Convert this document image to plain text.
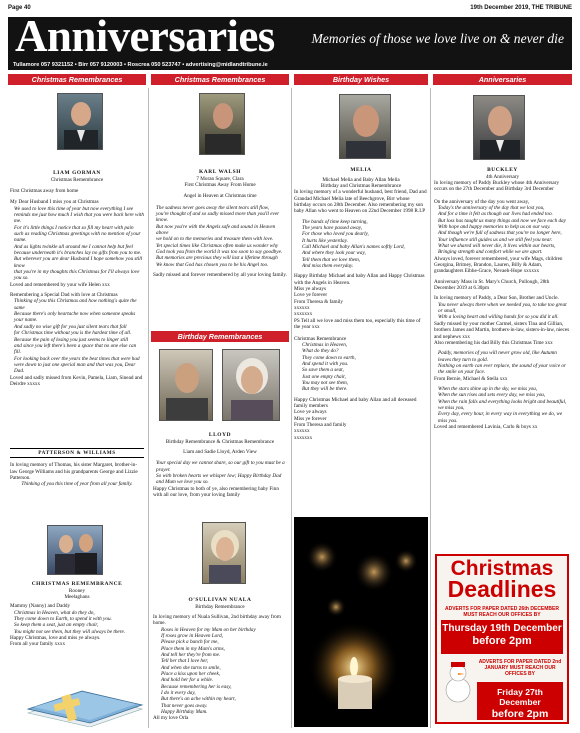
Page 40	19th December 2019, THE TRIBUNE
Anniversaries	Memories of those we love live on & never die
Tullamore 057 9321152 • Birr 057 9120003 • Roscrea 050 523747 • advertising@midlandtribune.ie
Christmas Remembrances	Christmas Remembrances	Birthday Wishes	Anniversaries
Birthday Remembrances
LIAM GORMAN
Christmas Remembrance

First Christmas away from home

My Dear Husband I miss you at Christmas

We used to love this time of year but now everything I see
reminds me just how much I wish that you were back here with me.
For it's little things I notice that so fill my heart with pain
such as reading Christmas greetings with no mention of your name.
And as lights twinkle all around me I cannot help but feel
because underneath it's branches lay no gifts from you to me.
But wherever you are dear Husband I hope somehow you still know
that you're in my thoughts this Christmas for I'll always love you so.

Loved and remembered by your wife Helen xxx

Remembering a Special Dad with love at Christmas

Thinking of you this Christmas and how nothing's quite the same
Because there's only heartache now when someone speaks your name.
And sadly no wise gift for you just silent tears that fall
for Christmas time without you is the hardest time of all.
Because the pain of losing you just seems to linger still
and since you left there's been a space that no one else can fill.
For looking back over the years the best times that were had
were down to just one special man and that was you, Dear Dad.

Loved and sadly missed from Kevin, Pamela, Liam, Sinead and Deirdre xxxxx

PATTERSON & WILLIAMS

In loving memory of Thomas, his sister Margaret, brother-in-law George Williams and his grandparents George and Lizzie Patterson.

Thinking of you this time of year from all your family.

CHRISTMAS REMEMBRANCE
Rooney
Meelaghans

Mammy (Nanny) and Daddy

Christmas in Heaven, what do they do,
They come down to Earth, to spend it with you.
So keep them a seat, just an empty chair,
You might not see them, but they will always be there.

Happy Christmas, love and miss ye always.
From all your family xxxx

KARL WALSH
7 Moran Square, Clara
First Christmas Away From Home
Angel in Heaven at Christmas time

The sadness never goes away the silent tears still flow,
you're thought of and so sadly missed more than you'll ever know.
But now you're with the Angels safe and sound in Heaven above
we hold on to the memories and treasure them with love.
Yet special times like Christmas often make us wonder why
God took you from the world it was too soon to say goodbye.
But memories are precious they will last a lifetime through
We know that God has chosen you to be his Angel too.

Sadly missed and forever remembered by all your loving family.

LLOYD
Birthday Remembrance & Christmas Remembrance
Liam and Sadie Lloyd, Arden View

Your special day we cannot share, so our gift to you must be a prayer.
So with broken hearts we whisper low; Happy Birthday Dad and Mum we love you so.

Happy Christmas to both of ye, also remembering baby Finn
with all our love, from your loving family

O'SULLIVAN NUALA
Birthday Remembrance

In loving memory of Nuala Sullivan, 2nd birthday away from home.

Roses in Heaven for my Mam on her birthday
If roses grow in Heaven Lord,
Please pick a bunch for me,
Place them in my Mam's arms,
And tell her they're from me.
Tell her that I love her,
And when she turns to smile,
Place a kiss upon her cheek,
And hold her for a while.
Because remembering her is easy,
I do it every day,
But there's an ache within my heart,
That never goes away.
Happy Birthday Mam.

All my love Orla

MELIA
Michael Melia and Baby Allan Melia
Birthday and Christmas Remembrance

In loving memory of a wonderful husband, best friend, Dad and Grandad Michael Melia late of Beechgrove, Birr whose birthday occurs on 28th December. Also remembering my son baby Allan who went to Heaven on 22nd December 1998 R.I.P

The bands of time keep turning,
The years have passed away,
For those who loved you dearly,
It hurts like yesterday.
Call Michael and baby Allan's names softly Lord,
And where they look your way,
Tell them that we love them,
And miss them everyday.

Happy Birthday Michael and baby Allan and Happy Christmas with the Angels in Heaven.

Miss ye always
Love ye forever
From Theresa & family
xxxxxx
xxxxxxx
PS Tell all we love and miss them too, especially this time of the year xxx

Christmas Remembrance

Christmas in Heaven,
What do they do?
They come down to earth,
And spend it with you.
So save them a seat,
Just one empty chair,
You may not see them,
But they will be there.

Happy Christmas Michael and baby Allan and all deceased family members

Love ye always
Miss ye forever
From Theresa and family
xxxxxx
xxxxxxx

BUCKLEY
4th Anniversary

In loving memory of Paddy Buckley whose 4th Anniversary occurs on the 27th December and Birthday 3rd December

On the anniversary of the day you went away,

Today's the anniversary of the day that we lost you,
And for a time it felt as though our lives had ended too.
But loss has taught us many things and now we face each day
With hope and happy memories to help us on our way.
And though we're full of sadness that you're no longer here,
Your influence still guides us and we still feel you near.
What we shared will never die, it lives within our hearts,
Bringing strength and comfort while we are apart.

Always loved, forever remembered, your wife Mags, children Georgina, Britney, Brandon, Lauren, Billy & Adam, grandaughters Eibhe-Grace, Nevaeh-Hope xxxxxx

Anniversary Mass in St. Mary's Church, Pullough, 28th December 2019 at 6.30pm

In loving memory of Paddy, a Dear Son, Brother and Uncle.

You never always there when we needed you, to take too great or small,
With a loving heart and willing hands for so you did it all.

Sadly missed by your mother Carmel, sisters Tina and Gillian, brothers James and Martin, brothers-in-law, sisters-in-law, nieces and nephews xxx

Also remembering his dad Billy this Christmas Time xxx

Paddy, memories of you will never grow old, like Autumn leaves they turn to gold.
Nothing on earth can ever replace, the sound of your voice or the smile on your face.

From Bernie, Michael & Stella xxx

When the stars shine up in the sky, we miss you,
When the sun rises and sets every day, we miss you,
When the rain falls and everything looks bright and beautiful, we miss you,
Every day, every hour, in every way in everything we do, we miss you.

Loved and remembered Lavinia, Carlo & boys xx

Christmas
Deadlines
ADVERTS FOR PAPER DATED 26th DECEMBER MUST REACH OUR OFFICES BY
Thursday 19th December
before 2pm
ADVERTS FOR PAPER DATED 2nd JANUARY MUST REACH OUR OFFICES BY
Friday 27th December
before 2pm
